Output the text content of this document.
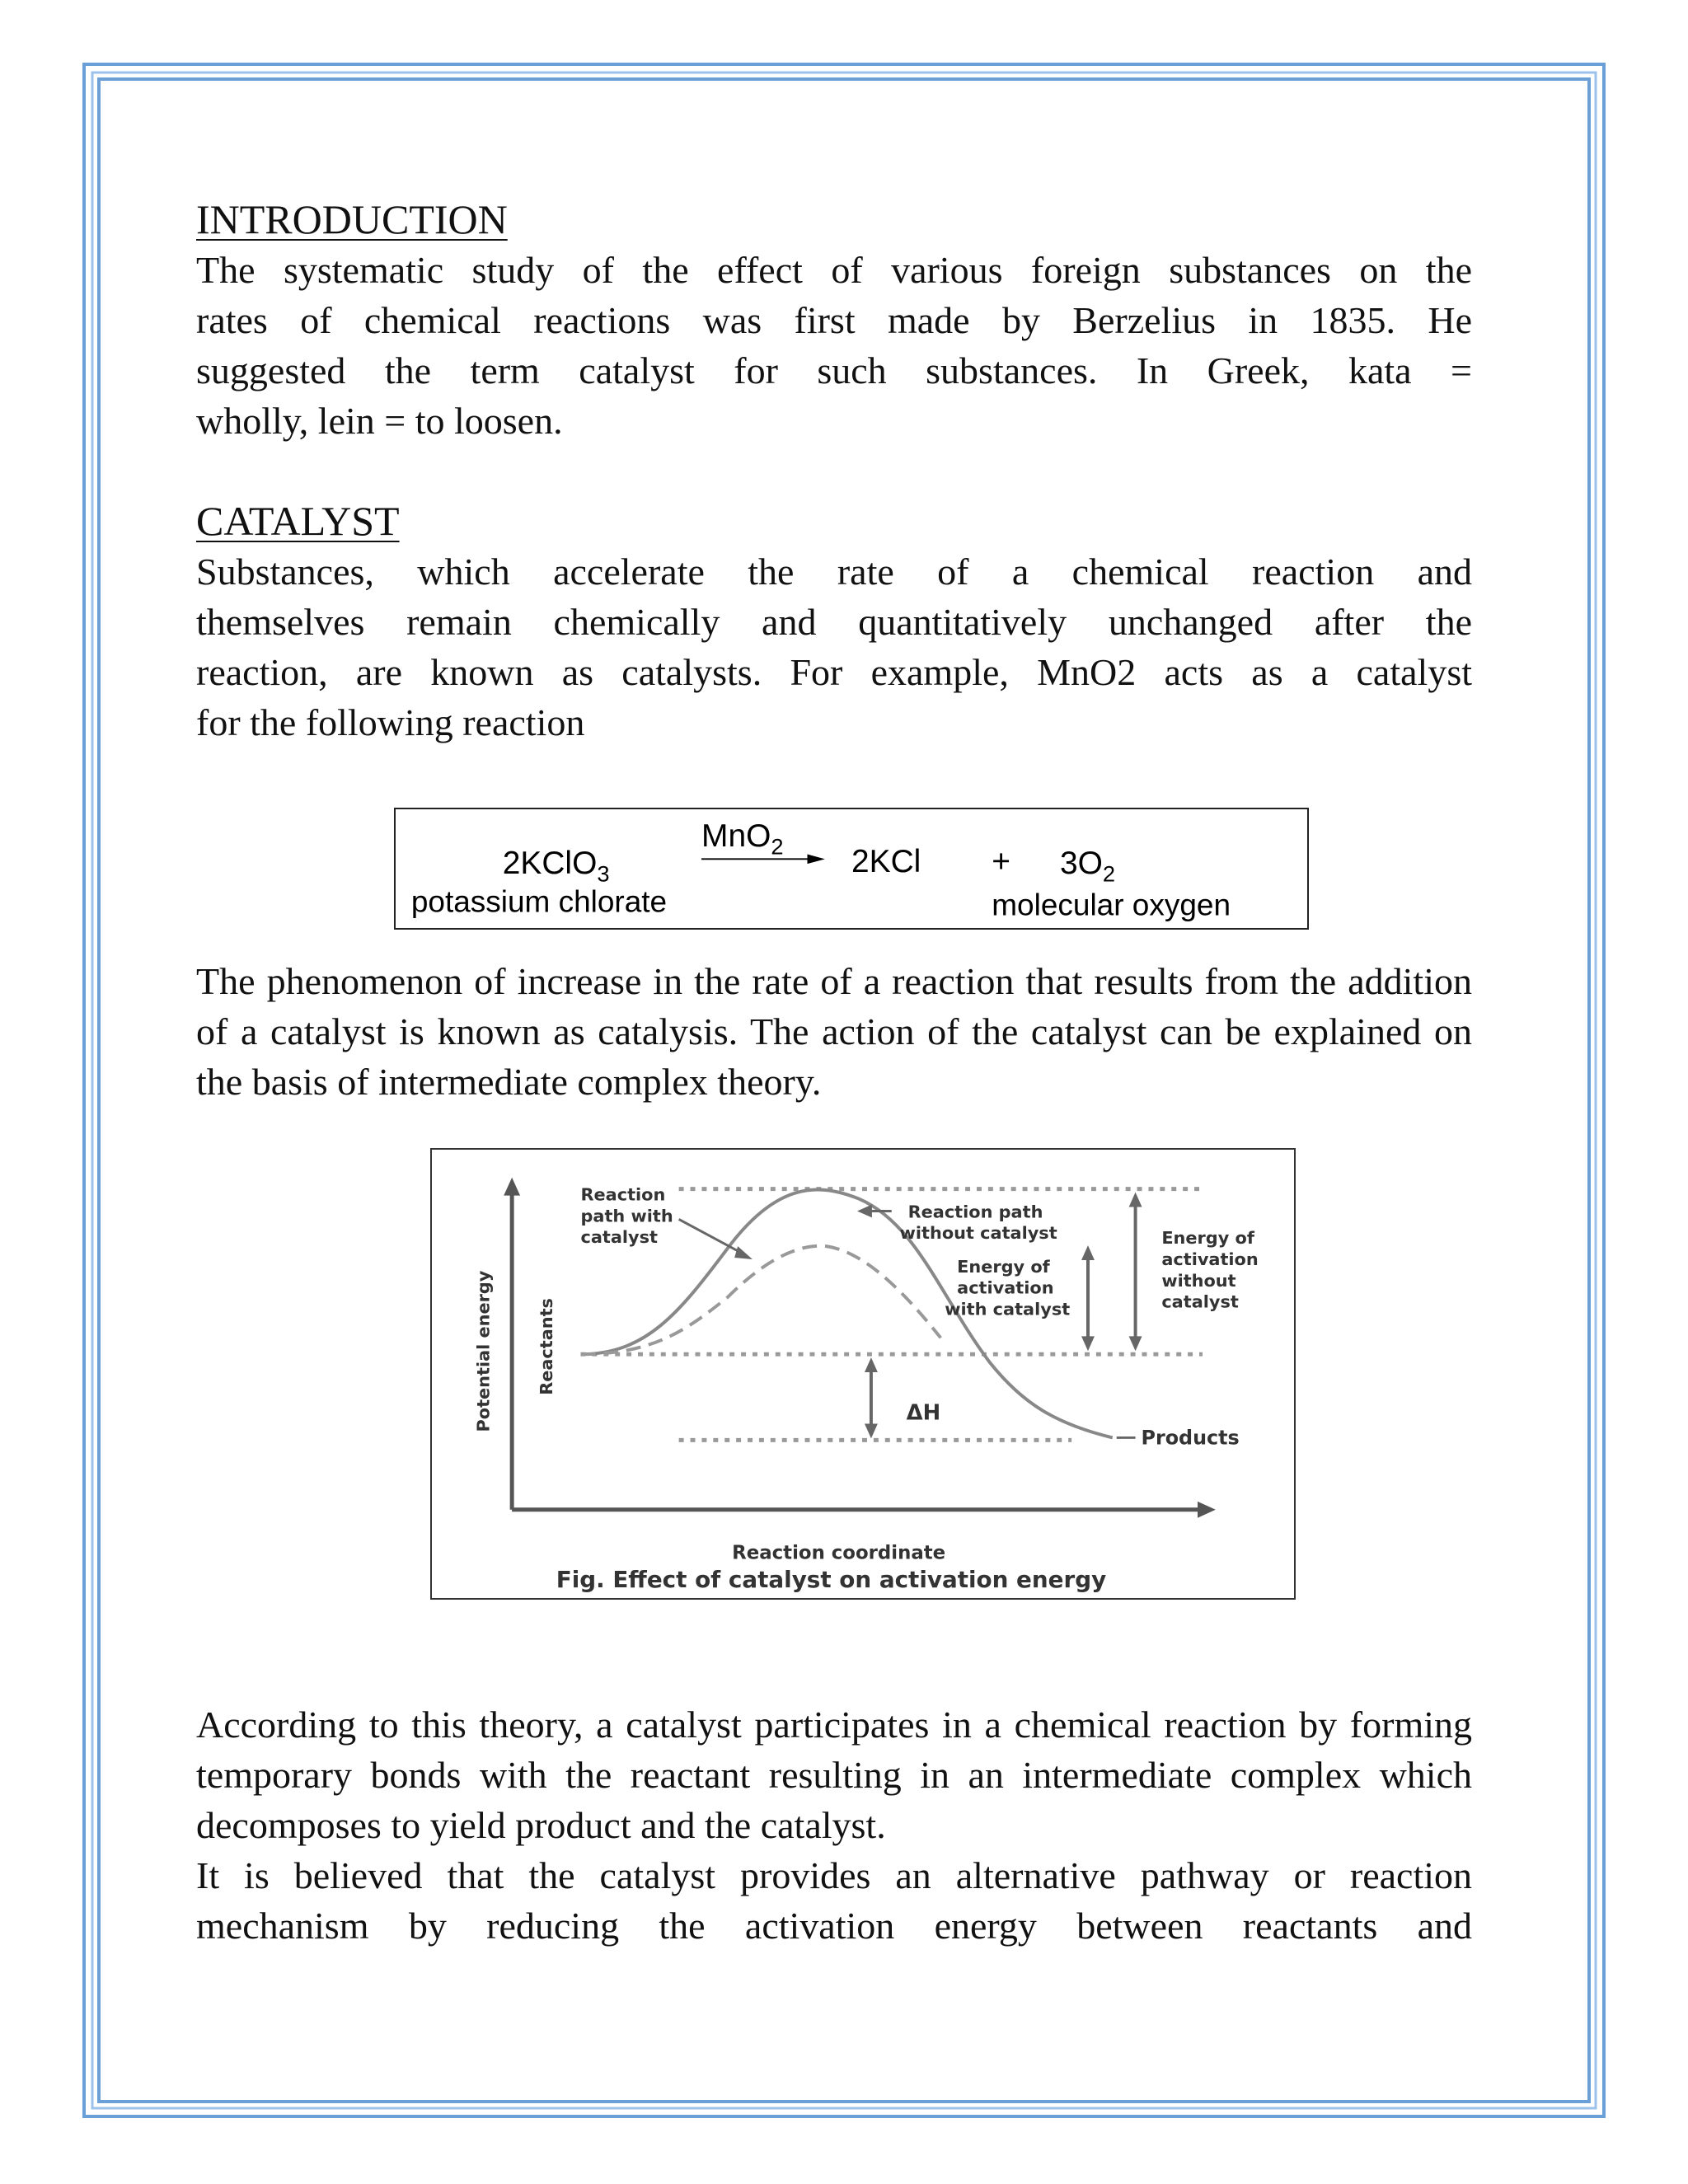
INTRODUCTION

The systematic study of the effect of various foreign substances on the

rates of chemical reactions was first made by Berzelius in 1835. He

suggested the term catalyst for such substances. In Greek, kata =

wholly, lein = to loosen.

CATALYST

Substances, which accelerate the rate of a chemical reaction and

themselves remain chemically and quantitatively unchanged after the

reaction, are known as catalysts. For example, MnO2 acts as a catalyst

for the following reaction

MnO$_2$
2KClO$_3$	$2KCl + 3O_2$
potassium chlorate	molecular oxygen

The phenomenon of increase in the rate of a reaction that results from the addition of a catalyst is known as catalysis. The action of the catalyst can be explained on the basis of intermediate complex theory.

Potential energy Reactants
Reaction coordinate
Reaction
path with
catalyst
Reaction path
without catalyst
Energy of
activation
with catalyst
Energy of
activation
without
catalyst
ΔH
Products
Fig. Effect of catalyst on activation energy

According to this theory, a catalyst participates in a chemical reaction by forming temporary bonds with the reactant resulting in an intermediate complex which decomposes to yield product and the catalyst.

It is believed that the catalyst provides an alternative pathway or reaction mechanism by reducing the activation energy between reactants and
